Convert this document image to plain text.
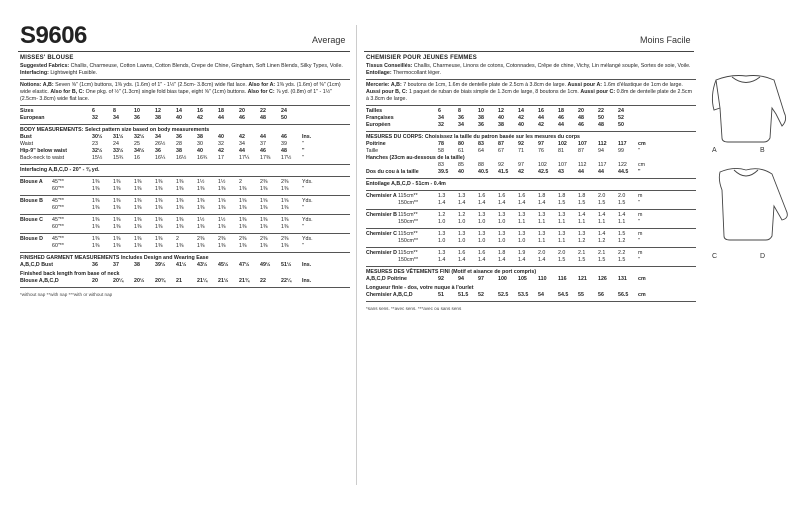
S9606	Average	Moins Facile
MISSES' BLOUSE
Suggested Fabrics: Challis, Charmeuse, Cotton Lawns, Cotton Blends, Crepe de Chine, Gingham, Soft Linen Blends, Silky Types, Voile. Interfacing: Lightweight Fusible.
Notions: A,B: Seven ⅝" (1cm) buttons, 1⅜ yds. (1.6m) of 1" - 1½" (2.5cm- 3.8cm) wide flat lace. Also for A: 1⅜ yds. (1.6m) of ⅜" (1cm) wide elastic. Also for B, C: One pkg. of ½" (1.3cm) single fold bias tape, eight ⅝" (1cm) buttons. Also for C: ⅞ yd. (0.8m) of 1" - 1½" (2.5cm- 3.8cm) wide flat lace.
Sizes	6	8	10	12	14	16	18	20	22	24
European	32	34	36	38	40	42	44	46	48	50
BODY MEASUREMENTS: Select pattern size based on body measurements
Bust	30½	31½	32½	34	36	38	40	42	44	46	Ins.
Waist	23	24	25	26½	28	30	32	34	37	39	"
Hip-9" below waist	32½	33½	34½	36	38	40	42	44	46	48	"
Back-neck to waist	15½	15¾	16	16¼	16½	16¾	17	17¼	17⅜	17½	"
Interfacing A,B,C,D - 20" - ⅜ yd.
Blouse A	45"**	1⅜	1⅜	1⅜	1⅜	1⅜	1½	1½	2	2⅜	2⅜	Yds.
60"**	1⅜	1⅜	1⅜	1⅜	1⅜	1⅜	1⅜	1⅜	1⅜	1⅜	"
Blouse B	45"**	1⅜	1⅜	1⅜	1⅜	1⅜	1⅜	1⅝	1⅝	1⅝	1⅝	Yds.
60"**	1⅜	1⅜	1⅜	1⅜	1⅜	1⅜	1⅜	1⅜	1⅜	1⅜	"
Blouse C	45"**	1⅜	1⅜	1⅜	1⅜	1⅜	1½	1½	1⅜	1⅜	1⅜	Yds.
60"**	1⅜	1⅜	1⅜	1⅜	1⅜	1⅜	1⅜	1⅜	1⅜	1⅜	"
Blouse D	45"**	1⅜	1⅜	1⅜	1⅜	2	2⅜	2⅜	2⅜	2⅜	2⅜	Yds.
60"**	1⅜	1⅜	1⅜	1⅜	1⅜	1⅜	1⅜	1⅜	1⅜	1⅜	"
FINISHED GARMENT MEASUREMENTS Includes Design and Wearing Ease
A,B,C,D Bust	36	37	38	39½	41½	43½	45½	47½	49½	51½	Ins.
Finished back length from base of neck
Blouse A,B,C,D	20	20¼	20½	20¾	21	21¼	21½	21¾	22	22¼	Ins.
*without nap **with nap ***with or without nap
CHEMISIER POUR JEUNES FEMMES
Tissus Conseillés: Challis, Charmeuse, Linons de cotons, Cotonnades, Crêpe de chine, Vichy, Lin mélangé souple, Sortes de soie, Voile. Entoilage: Thermocollant léger.
Mercerie: A,B: 7 boutons de 1cm, 1.6m de dentelle plate de 2.5cm à 3.8cm de large. Aussi pour A: 1.6m d'élastique de 1cm de large. Aussi pour B, C: 1 paquet de ruban de biais simple de 1.3cm de large, 8 boutons de 1cm. Aussi pour C: 0.8m de dentelle plate de 2.5cm à 3.8cm de large.
Tailles	6	8	10	12	14	16	18	20	22	24
Françaises	34	36	38	40	42	44	46	48	50	52
Européen	32	34	36	38	40	42	44	46	48	50
MESURES DU CORPS: Choisissez la taille du patron basée sur les mesures du corps
Poitrine	78	80	83	87	92	97	102	107	112	117	cm
Taille	58	61	64	67	71	76	81	87	94	99	"
Hanches (23cm au-dessous de la taille)
83	85	88	92	97	102	107	112	117	122	cm
Dos du cou à la taille	39.5	40	40.5	41.5	42	42.5	43	44	44	44.5	"
Entoilage A,B,C,D - 51cm - 0.4m
Chemisier A 115cm**	1.3	1.3	1.6	1.6	1.6	1.8	1.8	1.8	2.0	2.0	m
150cm**	1.4	1.4	1.4	1.4	1.4	1.4	1.5	1.5	1.5	1.5	"
Chemisier B 115cm**	1.2	1.2	1.3	1.3	1.3	1.3	1.3	1.4	1.4	1.4	m
150cm**	1.0	1.0	1.0	1.0	1.1	1.1	1.1	1.1	1.1	1.1	"
Chemisier C 115cm**	1.3	1.3	1.3	1.3	1.3	1.3	1.3	1.3	1.4	1.5	m
150cm**	1.0	1.0	1.0	1.0	1.0	1.1	1.1	1.2	1.2	1.2	"
Chemisier D 115cm**	1.3	1.6	1.6	1.8	1.9	2.0	2.0	2.1	2.1	2.2	m
150cm**	1.4	1.4	1.4	1.4	1.4	1.4	1.5	1.5	1.5	1.5	"
MESURES DES VÊTEMENTS FINI (Motif et aisance de port compris)
A,B,C,D Poitrine	92	94	97	100	105	110	116	121	126	131	cm
Longueur finie - dos, votre nuque à l'ourlet
Chemisier A,B,C,D	51	51.5	52	52.5	53.5	54	54.5	55	56	56.5	cm
*sans sens. **avec sens. ***avec ou sans sens
A	B
C	D
